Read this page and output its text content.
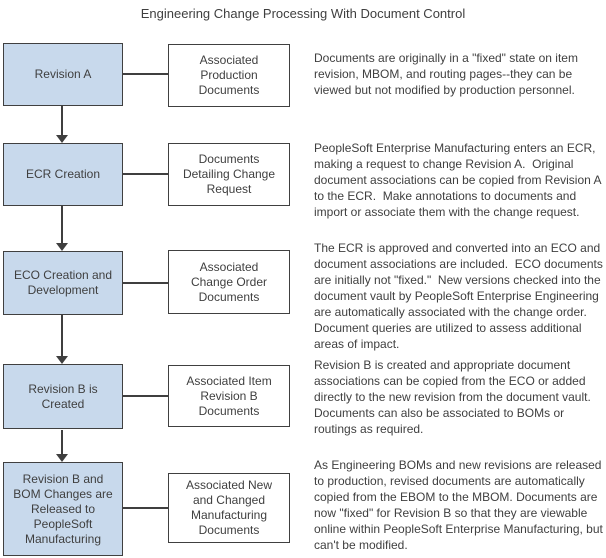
Engineering Change Processing With Document Control
Revision A
Associated Production Documents
Documents are originally in a "fixed" state on item revision, MBOM, and routing pages--they can be viewed but not modified by production personnel.
ECR Creation
Documents Detailing Change Request
PeopleSoft Enterprise Manufacturing enters an ECR, making a request to change Revision A.  Original document associations can be copied from Revision A to the ECR.  Make annotations to documents and import or associate them with the change request.
ECO Creation and Development
Associated Change Order Documents
The ECR is approved and converted into an ECO and document associations are included.  ECO documents are initially not "fixed."  New versions checked into the document vault by PeopleSoft Enterprise Engineering are automatically associated with the change order.  Document queries are utilized to assess additional areas of impact.
Revision B is Created
Associated Item Revision B Documents
Revision B is created and appropriate document associations can be copied from the ECO or added directly to the new revision from the document vault. Documents can also be associated to BOMs or routings as required.
Revision B and BOM Changes are Released to PeopleSoft Manufacturing
Associated New and Changed Manufacturing Documents
As Engineering BOMs and new revisions are released to production, revised documents are automatically copied from the EBOM to the MBOM. Documents are now "fixed" for Revision B so that they are viewable online within PeopleSoft Enterprise Manufacturing, but can't be modified.
